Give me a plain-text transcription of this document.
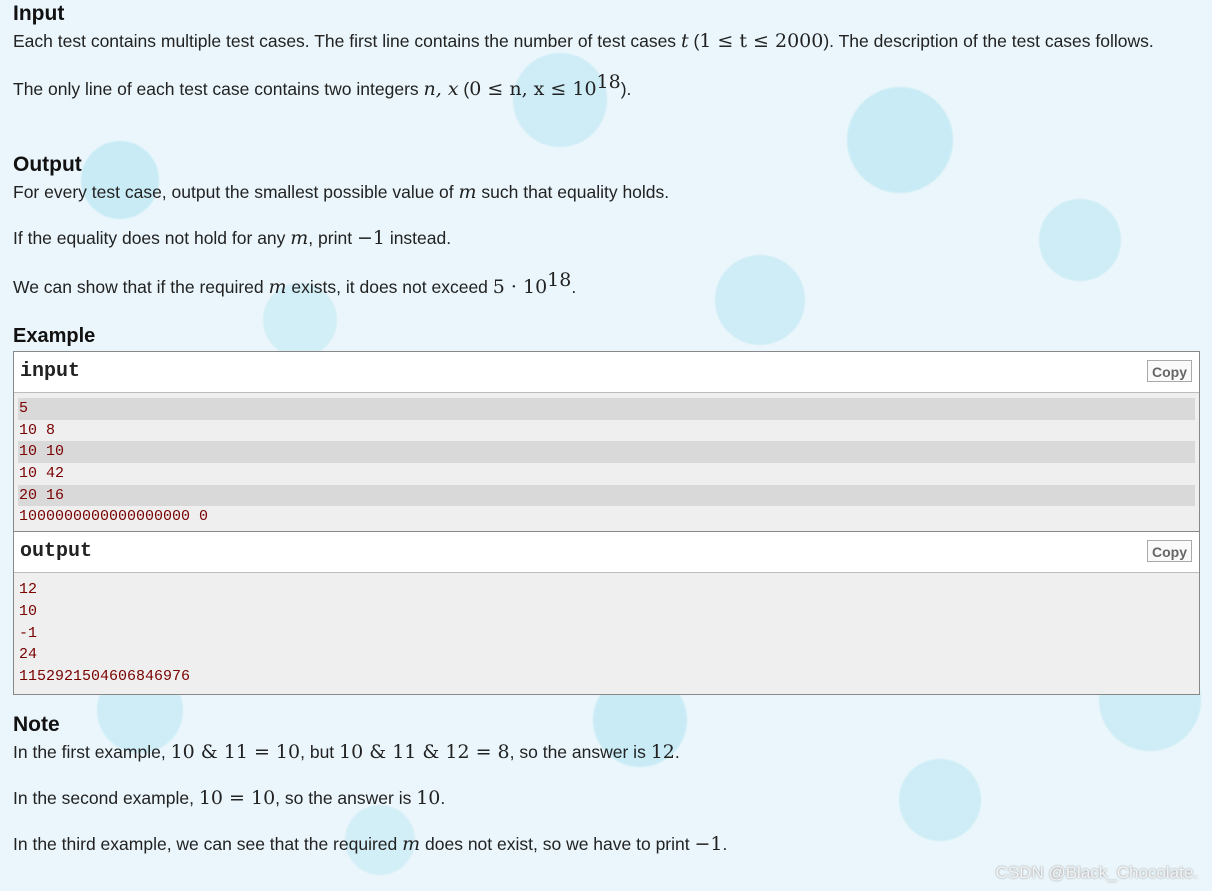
Input

Each test contains multiple test cases. The first line contains the number of test cases t (1 ≤ t ≤ 2000). The description of the test cases follows.

The only line of each test case contains two integers n, x (0 ≤ n, $x \le 10^{18}$).

Output

For every test case, output the smallest possible value of m such that equality holds.

If the equality does not hold for any m, print −1 instead.

We can show that if the required m exists, it does not exceed $5 \cdot 10^{18}$.

Example
input	Copy
5
10 8
10 10
10 42
20 16
1000000000000000000 0
output	Copy
12
10
-1
24
1152921504606846976
Note

In the first example, 10 & 11 = 10, but 10 & 11 & 12 = 8, so the answer is 12.

In the second example, 10 = 10, so the answer is 10.

In the third example, we can see that the required m does not exist, so we have to print −1.

CSDN @Black_Chocolate.
